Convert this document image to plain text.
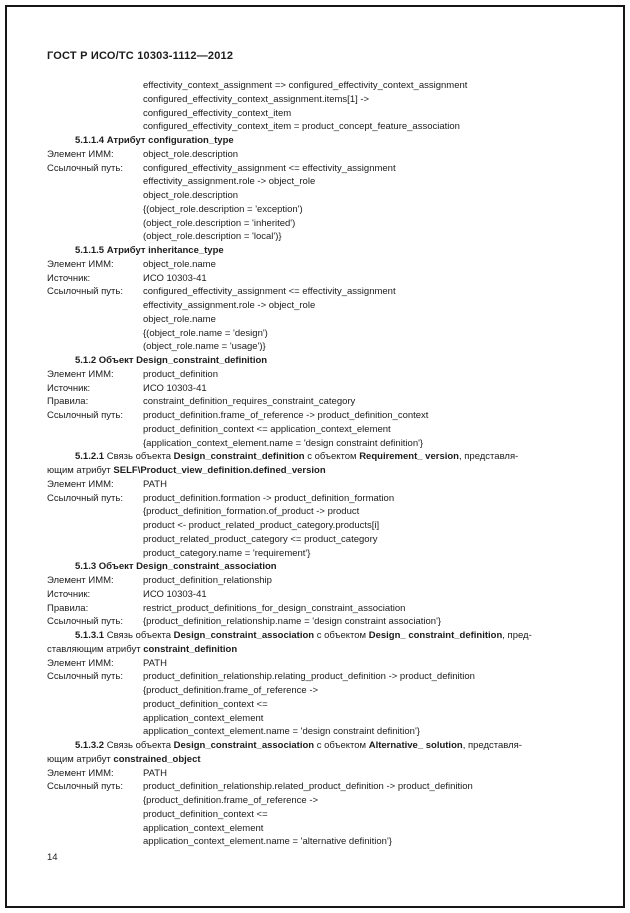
ГОСТ Р ИСО/ТС 10303-1112—2012
effectivity_context_assignment => configured_effectivity_context_assignment
configured_effectivity_context_assignment.items[1] ->
configured_effectivity_context_item
configured_effectivity_context_item = product_concept_feature_association
5.1.1.4 Атрибут configuration_type
Элемент ИММ:	object_role.description
Ссылочный путь:	configured_effectivity_assignment <= effectivity_assignment
effectivity_assignment.role -> object_role
object_role.description
{(object_role.description = 'exception')
(object_role.description = 'inherited')
(object_role.description = 'local')}
5.1.1.5 Атрибут inheritance_type
Элемент ИММ:	object_role.name
Источник:	ИСО 10303-41
Ссылочный путь:	configured_effectivity_assignment <= effectivity_assignment
effectivity_assignment.role -> object_role
object_role.name
{(object_role.name = 'design')
(object_role.name = 'usage')}
5.1.2 Объект Design_constraint_definition
Элемент ИММ:	product_definition
Источник:	ИСО 10303-41
Правила:	constraint_definition_requires_constraint_category
Ссылочный путь:	product_definition.frame_of_reference -> product_definition_context
product_definition_context <= application_context_element
{application_context_element.name = 'design constraint definition'}
5.1.2.1 Связь объекта Design_constraint_definition с объектом Requirement_ version, представля-
ющим атрибут SELF\Product_view_definition.defined_version
Элемент ИММ:	PATH
Ссылочный путь:	product_definition.formation -> product_definition_formation
{product_definition_formation.of_product -> product
product <- product_related_product_category.products[i]
product_related_product_category <= product_category
product_category.name = 'requirement'}
5.1.3 Объект Design_constraint_association
Элемент ИММ:	product_definition_relationship
Источник:	ИСО 10303-41
Правила:	restrict_product_definitions_for_design_constraint_association
Ссылочный путь:	{product_definition_relationship.name = 'design constraint association'}
5.1.3.1 Связь объекта Design_constraint_association с объектом Design_ constraint_definition, пред-
ставляющим атрибут constraint_definition
Элемент ИММ:	PATH
Ссылочный путь:	product_definition_relationship.relating_product_definition -> product_definition
{product_definition.frame_of_reference ->
product_definition_context <=
application_context_element
application_context_element.name = 'design constraint definition'}
5.1.3.2 Связь объекта Design_constraint_association с объектом Alternative_ solution, представля-
ющим атрибут constrained_object
Элемент ИММ:	PATH
Ссылочный путь:	product_definition_relationship.related_product_definition -> product_definition
{product_definition.frame_of_reference ->
product_definition_context <=
application_context_element
application_context_element.name = 'alternative definition'}
14
